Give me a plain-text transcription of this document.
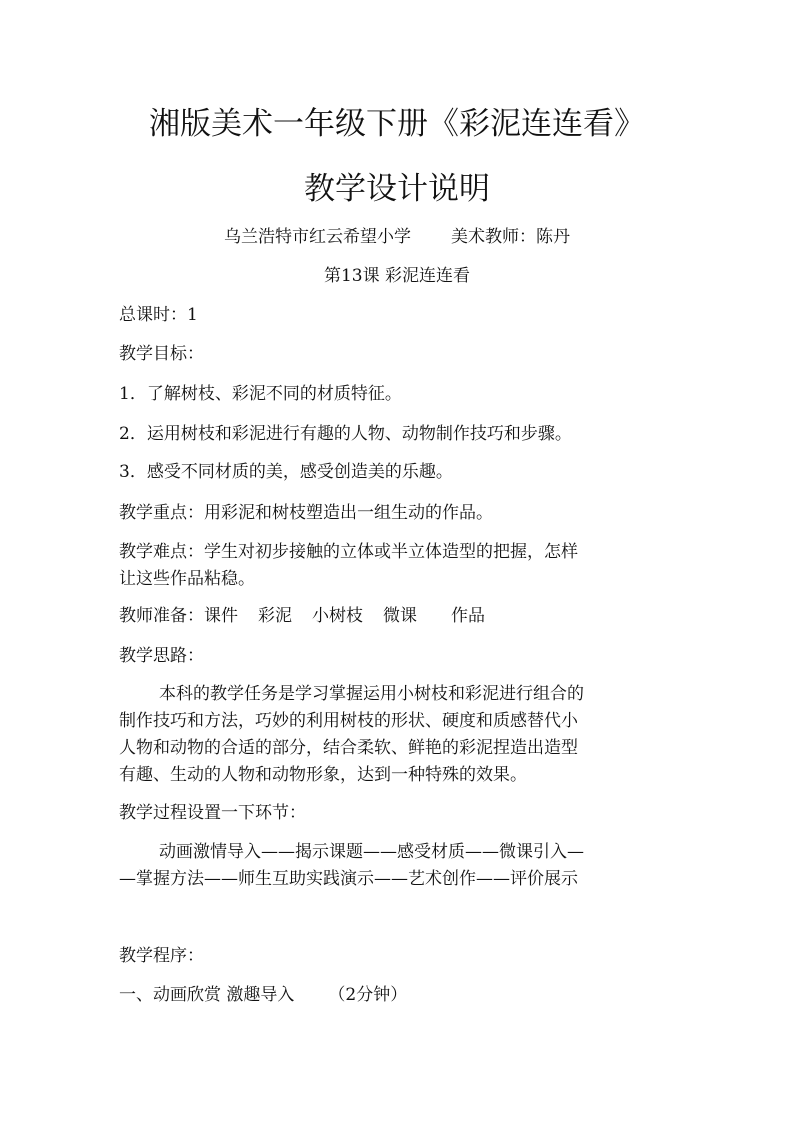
湘版美术一年级下册《彩泥连连看》
教学设计说明

乌兰浩特市红云希望小学 美术教师：陈丹

第13课 彩泥连连看

总课时：1

教学目标：

1．了解树枝、彩泥不同的材质特征。

2．运用树枝和彩泥进行有趣的人物、动物制作技巧和步骤。

3．感受不同材质的美，感受创造美的乐趣。

教学重点：用彩泥和树枝塑造出一组生动的作品。

教学难点：学生对初步接触的立体或半立体造型的把握，怎样

让这些作品粘稳。

教师准备：课件 彩泥 小树枝 微课 作品

教学思路：

本科的教学任务是学习掌握运用小树枝和彩泥进行组合的

制作技巧和方法，巧妙的利用树枝的形状、硬度和质感替代小

人物和动物的合适的部分，结合柔软、鲜艳的彩泥捏造出造型

有趣、生动的人物和动物形象，达到一种特殊的效果。

教学过程设置一下环节：

动画激情导入——揭示课题——感受材质——微课引入—

—掌握方法——师生互助实践演示——艺术创作——评价展示

教学程序：

一、动画欣赏 激趣导入 （2分钟）
